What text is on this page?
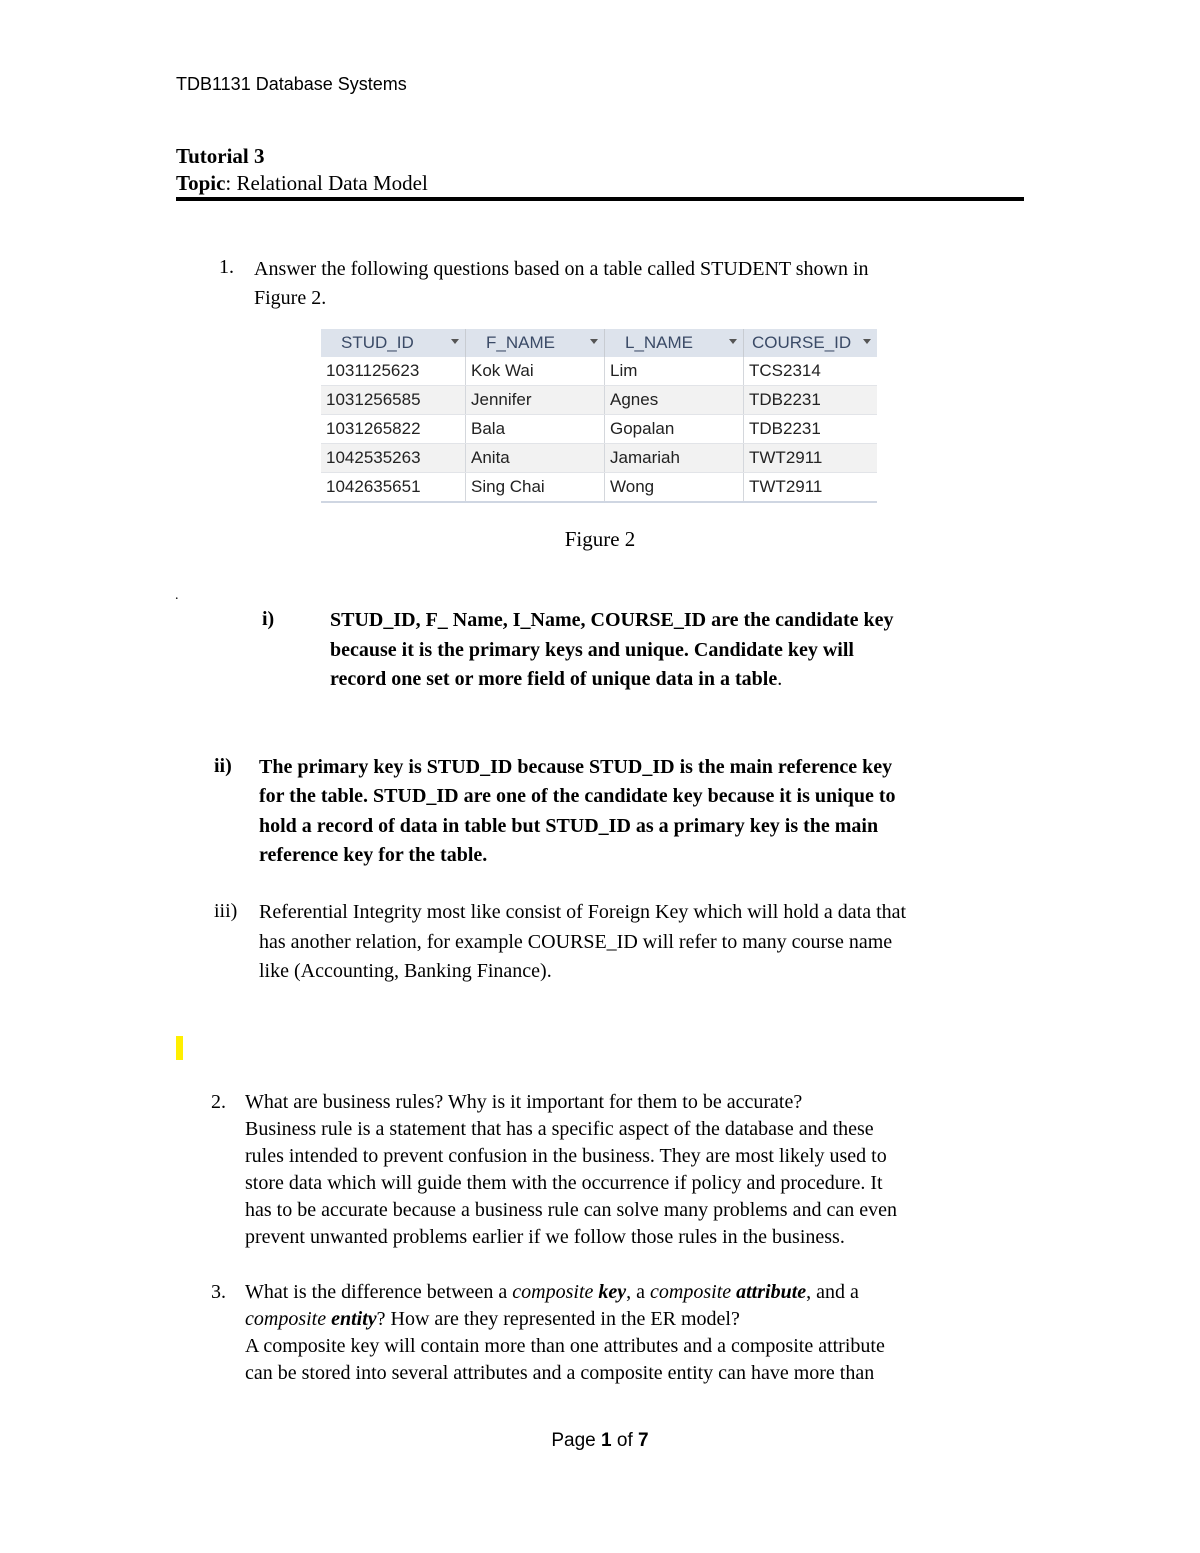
TDB1131 Database Systems
Tutorial 3
Topic: Relational Data Model
1. Answer the following questions based on a table called STUDENT shown in
Figure 2.
STUD_ID	F_NAME	L_NAME	COURSE_ID

1031125623	Kok Wai	Lim	TCS2314
1031256585	Jennifer	Agnes	TDB2231
1031265822	Bala	Gopalan	TDB2231
1042535263	Anita	Jamariah	TWT2911
1042635651	Sing Chai	Wong	TWT2911
Figure 2
.
i)	STUD_ID, F_ Name, I_Name, COURSE_ID are the candidate key
because it is the primary keys and unique. Candidate key will
record one set or more field of unique data in a table.
ii) The primary key is STUD_ID because STUD_ID is the main reference key
for the table. STUD_ID are one of the candidate key because it is unique to
hold a record of data in table but STUD_ID as a primary key is the main
reference key for the table.
iii) Referential Integrity most like consist of Foreign Key which will hold a data that
has another relation, for example COURSE_ID will refer to many course name
like (Accounting, Banking Finance).
2. What are business rules? Why is it important for them to be accurate?
Business rule is a statement that has a specific aspect of the database and these
rules intended to prevent confusion in the business. They are most likely used to
store data which will guide them with the occurrence if policy and procedure. It
has to be accurate because a business rule can solve many problems and can even
prevent unwanted problems earlier if we follow those rules in the business.
3. What is the difference between a composite key, a composite attribute, and a
composite entity? How are they represented in the ER model?
A composite key will contain more than one attributes and a composite attribute
can be stored into several attributes and a composite entity can have more than
Page 1 of 7
